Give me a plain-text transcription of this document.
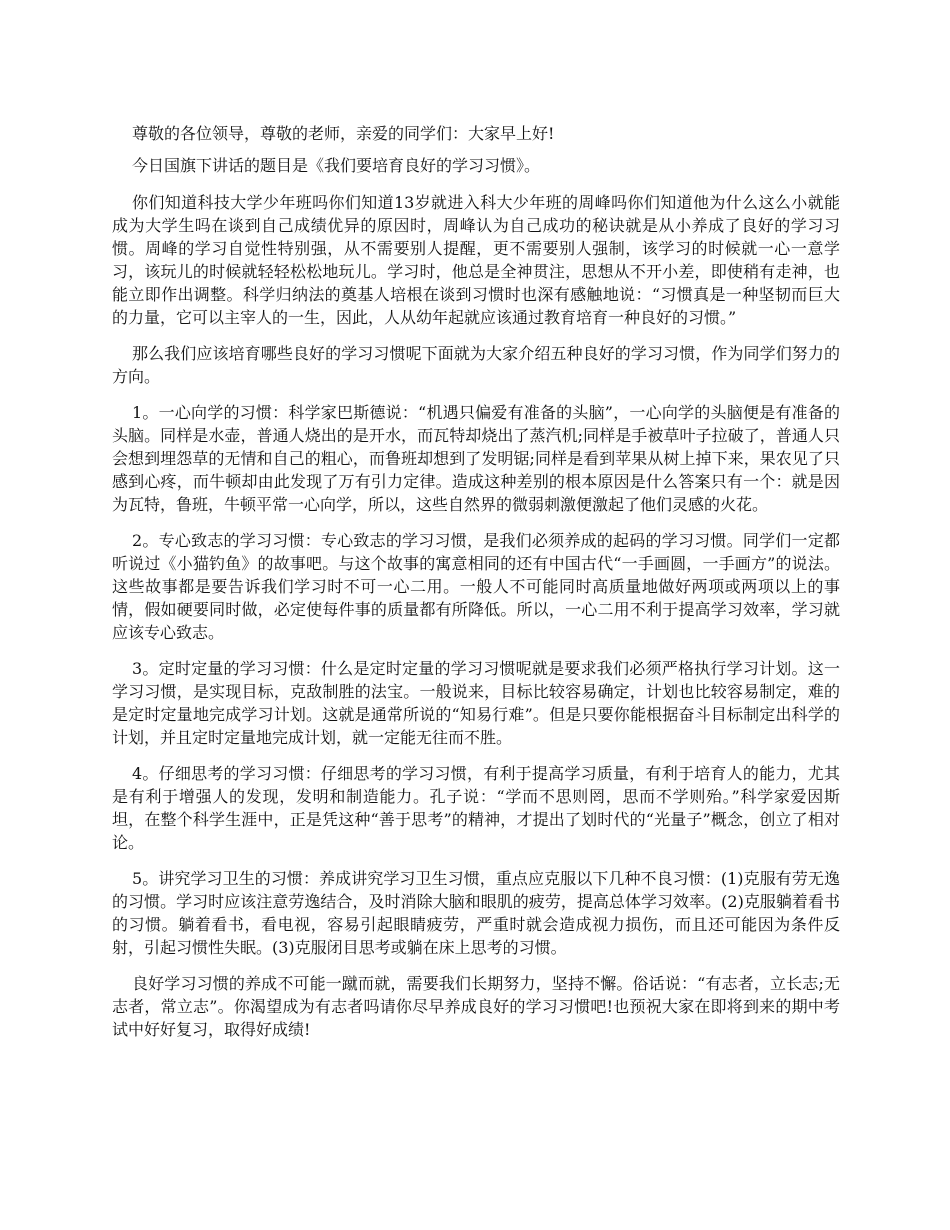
尊敬的各位领导，尊敬的老师，亲爱的同学们：大家早上好!

今日国旗下讲话的题目是《我们要培育良好的学习习惯》。

你们知道科技大学少年班吗你们知道13岁就进入科大少年班的周峰吗你们知道他为什么这么小就能成为大学生吗在谈到自己成绩优异的原因时，周峰认为自己成功的秘诀就是从小养成了良好的学习习惯。周峰的学习自觉性特别强，从不需要别人提醒，更不需要别人强制，该学习的时候就一心一意学习，该玩儿的时候就轻轻松松地玩儿。学习时，他总是全神贯注，思想从不开小差，即使稍有走神，也能立即作出调整。科学归纳法的奠基人培根在谈到习惯时也深有感触地说：“习惯真是一种坚韧而巨大的力量，它可以主宰人的一生，因此，人从幼年起就应该通过教育培育一种良好的习惯。”

那么我们应该培育哪些良好的学习习惯呢下面就为大家介绍五种良好的学习习惯，作为同学们努力的方向。

1。一心向学的习惯：科学家巴斯德说：“机遇只偏爱有准备的头脑”，一心向学的头脑便是有准备的头脑。同样是水壶，普通人烧出的是开水，而瓦特却烧出了蒸汽机;同样是手被草叶子拉破了，普通人只会想到埋怨草的无情和自己的粗心，而鲁班却想到了发明锯;同样是看到苹果从树上掉下来，果农见了只感到心疼，而牛顿却由此发现了万有引力定律。造成这种差别的根本原因是什么答案只有一个：就是因为瓦特，鲁班，牛顿平常一心向学，所以，这些自然界的微弱刺激便激起了他们灵感的火花。

2。专心致志的学习习惯：专心致志的学习习惯，是我们必须养成的起码的学习习惯。同学们一定都听说过《小猫钓鱼》的故事吧。与这个故事的寓意相同的还有中国古代“一手画圆，一手画方”的说法。这些故事都是要告诉我们学习时不可一心二用。一般人不可能同时高质量地做好两项或两项以上的事情，假如硬要同时做，必定使每件事的质量都有所降低。所以，一心二用不利于提高学习效率，学习就应该专心致志。

3。定时定量的学习习惯：什么是定时定量的学习习惯呢就是要求我们必须严格执行学习计划。这一学习习惯，是实现目标，克敌制胜的法宝。一般说来，目标比较容易确定，计划也比较容易制定，难的是定时定量地完成学习计划。这就是通常所说的“知易行难”。但是只要你能根据奋斗目标制定出科学的计划，并且定时定量地完成计划，就一定能无往而不胜。

4。仔细思考的学习习惯：仔细思考的学习习惯，有利于提高学习质量，有利于培育人的能力，尤其是有利于增强人的发现，发明和制造能力。孔子说：“学而不思则罔，思而不学则殆。”科学家爱因斯坦，在整个科学生涯中，正是凭这种“善于思考”的精神，才提出了划时代的“光量子”概念，创立了相对论。

5。讲究学习卫生的习惯：养成讲究学习卫生习惯，重点应克服以下几种不良习惯：(1)克服有劳无逸的习惯。学习时应该注意劳逸结合，及时消除大脑和眼肌的疲劳，提高总体学习效率。(2)克服躺着看书的习惯。躺着看书，看电视，容易引起眼睛疲劳，严重时就会造成视力损伤，而且还可能因为条件反射，引起习惯性失眠。(3)克服闭目思考或躺在床上思考的习惯。

良好学习习惯的养成不可能一蹴而就，需要我们长期努力，坚持不懈。俗话说：“有志者，立长志;无志者，常立志”。你渴望成为有志者吗请你尽早养成良好的学习习惯吧!也预祝大家在即将到来的期中考试中好好复习，取得好成绩!
